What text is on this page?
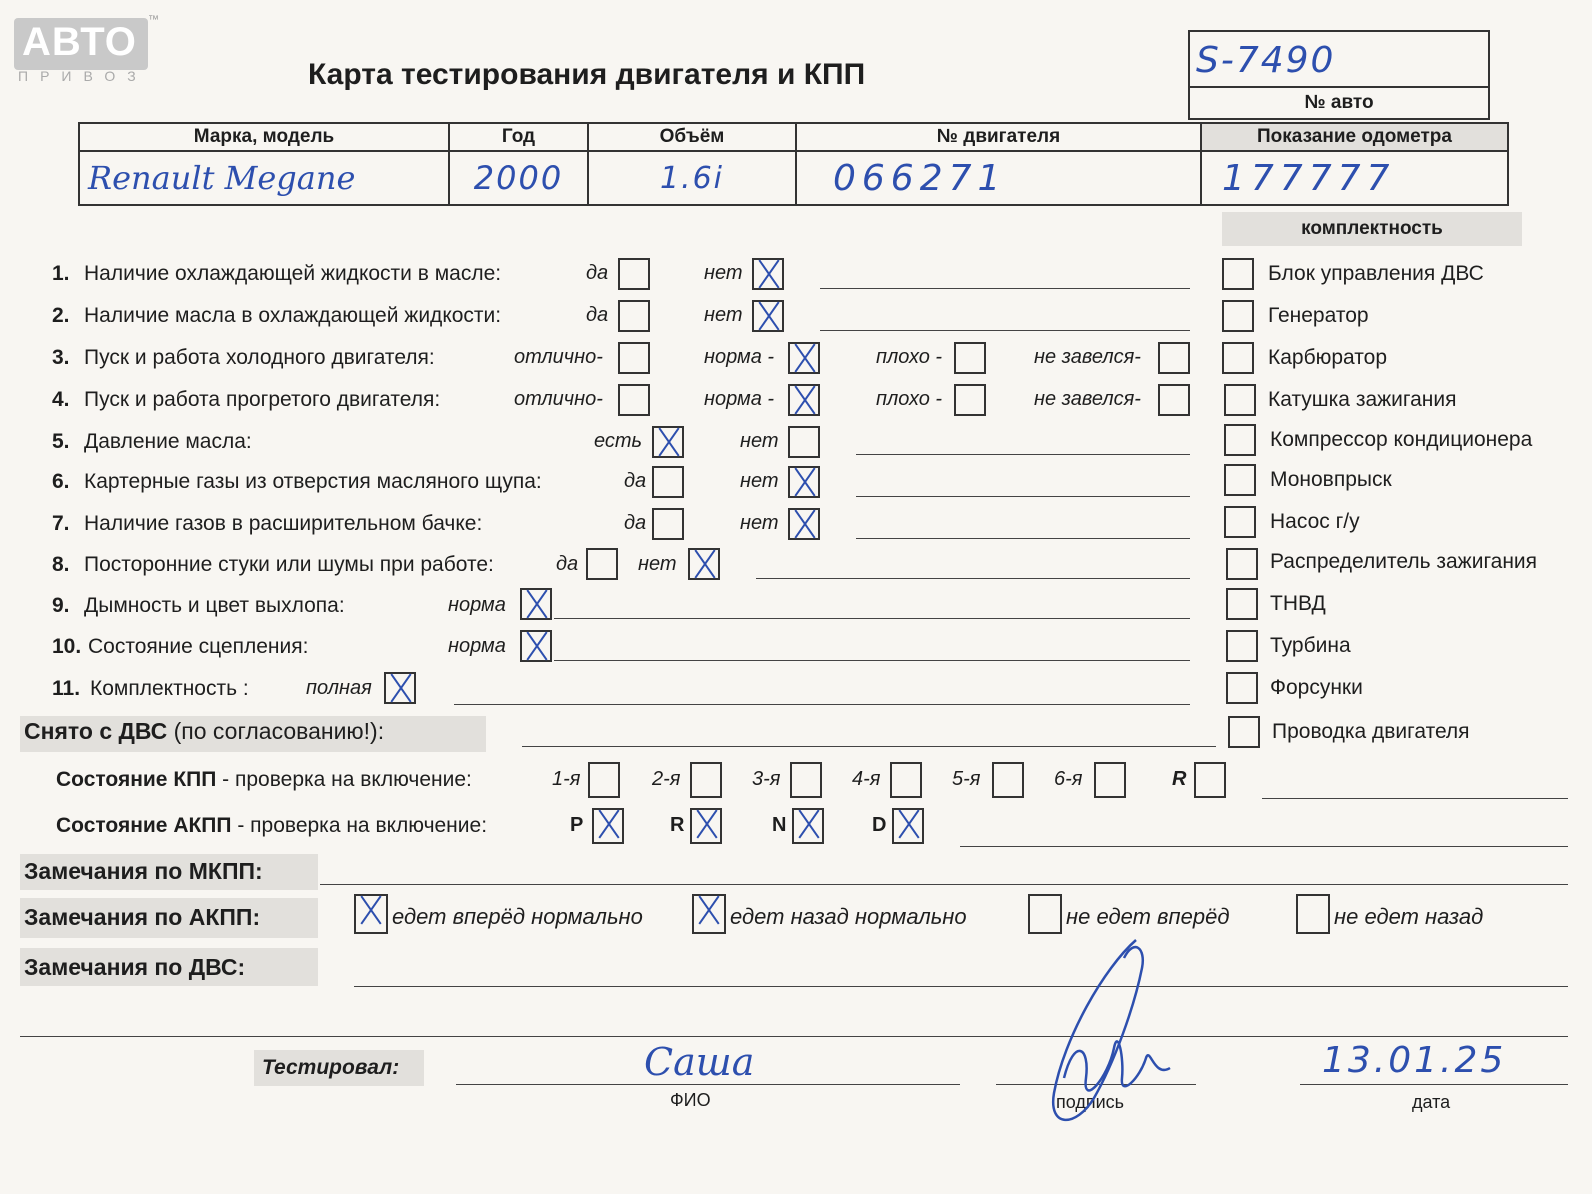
АВТО ™
ПРИВОЗ	Карта тестирования двигателя и КПП	S-7490
№ авто
Марка, модель	Год	Объём	№ двигателя	Показание одометра
Renault Megane	2000	1.6i	066271	177777
комплектность
1. Наличие охлаждающей жидкости в масле:	да	нет
2. Наличие масла в охлаждающей жидкости:	да	нет
3. Пуск и работа холодного двигателя:	отлично-	норма -	плохо -	не завелся-
4. Пуск и работа прогретого двигателя:	отлично-	норма -	плохо -	не завелся-
5. Давление масла:	есть	нет
6. Картерные газы из отверстия масляного щупа:	да	нет
7. Наличие газов в расширительном бачке:	да	нет
8. Посторонние стуки или шумы при работе:	да	нет
9. Дымность и цвет выхлопа:	норма
10. Состояние сцепления:	норма
11. Комплектность :	полная
Блок управления ДВС
Генератор
Карбюратор
Катушка зажигания
Компрессор кондиционера
Моновпрыск
Насос г/у
Распределитель зажигания
ТНВД
Турбина
Форсунки
Проводка двигателя
Снято с ДВС (по согласованию!):
Состояние КПП - проверка на включение:	1-я	2-я	3-я	4-я	5-я	6-я	R
Состояние АКПП - проверка на включение:	P	R	N	D
Замечания по МКПП:
Замечания по АКПП:	едет вперёд нормально	едет назад нормально	не едет вперёд	не едет назад
Замечания по ДВС:
Тестировал:	Саша
ФИО	подпись
13.01.25
дата
